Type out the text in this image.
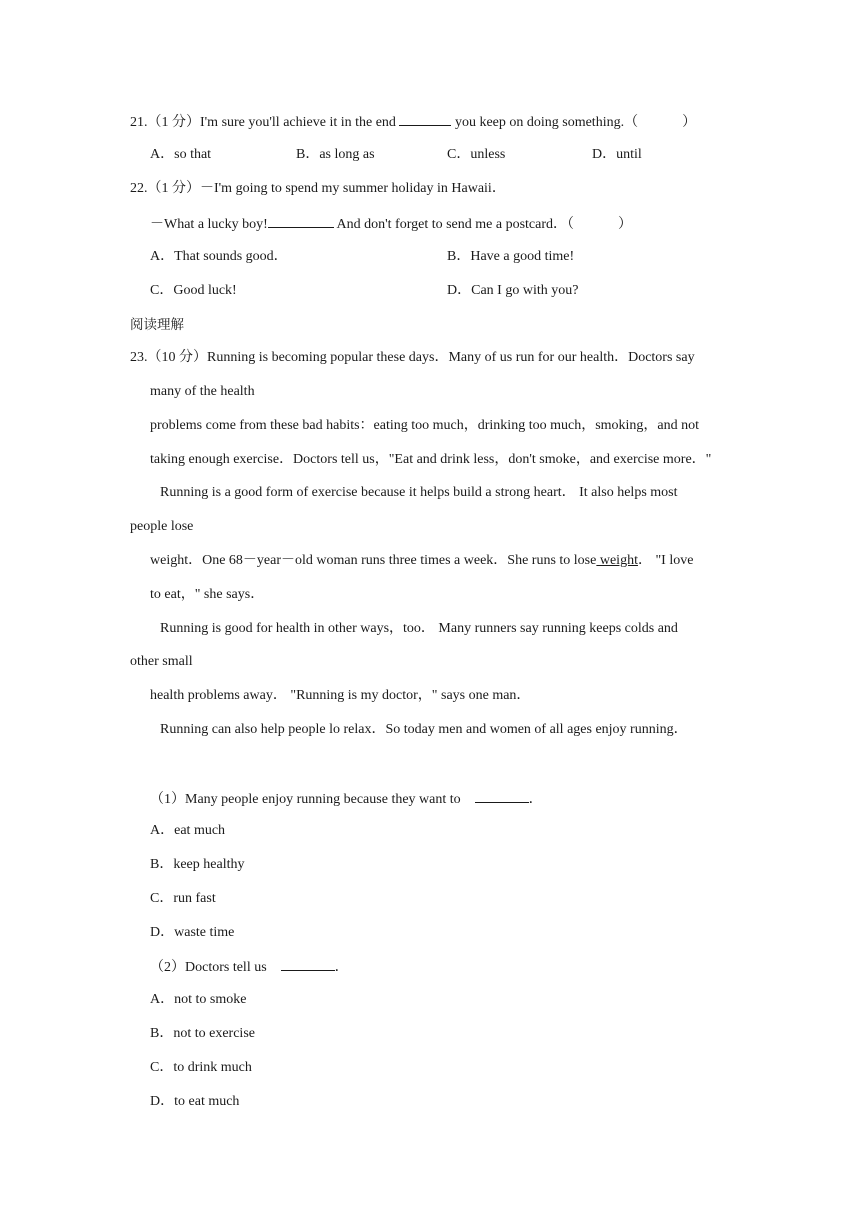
21.（1 分）I'm sure you'll achieve it in the end	you keep on doing something.（	）
A．so that	B．as long as	C．unless	D．until
22.（1 分）－I'm going to spend my summer holiday in Hawaii．
－What a lucky boy!	And don't forget to send me a postcard．（	）
A．That sounds good．	B．Have a good time!
C．Good luck!	D．Can I go with you?
阅读理解
23.（10 分）Running is becoming popular these days．Many of us run for our health．Doctors say
many of the health
problems come from these bad habits：eating too much，drinking too much，smoking，and not
taking enough exercise．Doctors tell us，"Eat and drink less，don't smoke，and exercise more．"
Running is a good form of exercise because it helps build a strong heart． It also helps most
people lose
weight．One 68－year－old woman runs three times a week．She runs to lose weight． "I love
to eat，" she says．
Running is good for health in other ways，too． Many runners say running keeps colds and
other small
health problems away． "Running is my doctor，" says one man．
Running can also help people lo relax．So today men and women of all ages enjoy running．
（1）Many people enjoy running because they want to	．
A．eat much
B．keep healthy
C．run fast
D．waste time
（2）Doctors tell us	．
A．not to smoke
B．not to exercise
C．to drink much
D．to eat much
